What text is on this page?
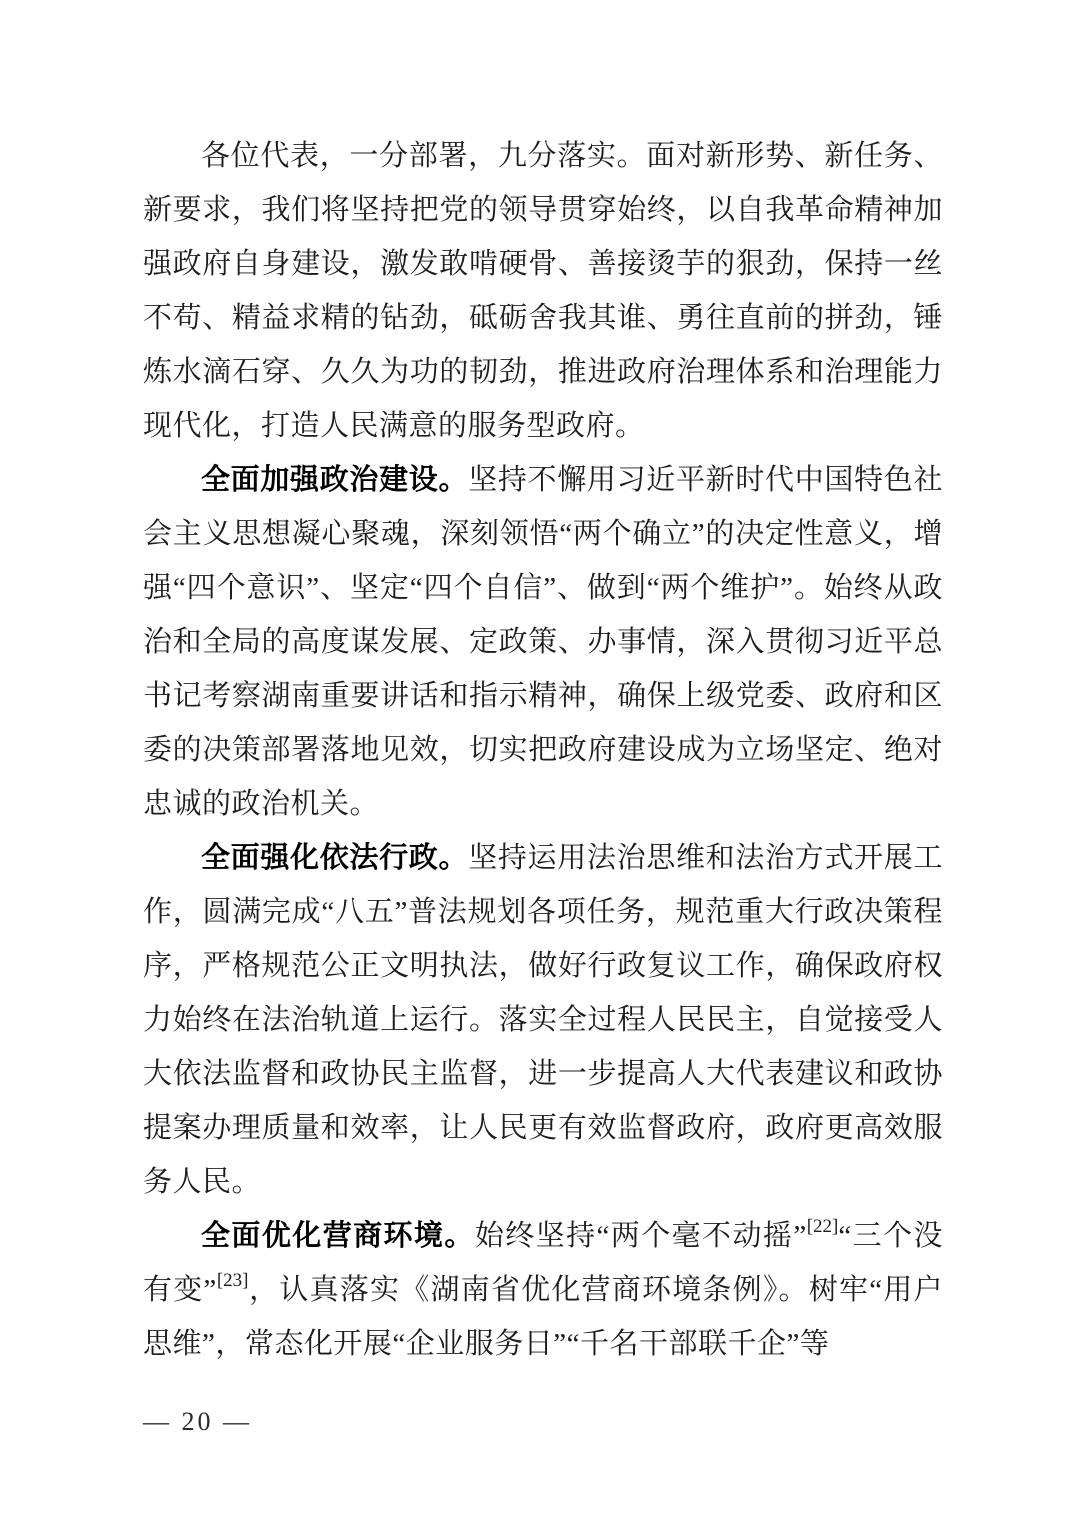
各位代表，一分部署，九分落实。面对新形势、新任务、新要求，我们将坚持把党的领导贯穿始终，以自我革命精神加强政府自身建设，激发敢啃硬骨、善接烫芋的狠劲，保持一丝不苟、精益求精的钻劲，砥砺舍我其谁、勇往直前的拼劲，锤炼水滴石穿、久久为功的韧劲，推进政府治理体系和治理能力现代化，打造人民满意的服务型政府。

全面加强政治建设。坚持不懈用习近平新时代中国特色社会主义思想凝心聚魂，深刻领悟“两个确立”的决定性意义，增强“四个意识”、坚定“四个自信”、做到“两个维护”。始终从政治和全局的高度谋发展、定政策、办事情，深入贯彻习近平总书记考察湖南重要讲话和指示精神，确保上级党委、政府和区委的决策部署落地见效，切实把政府建设成为立场坚定、绝对忠诚的政治机关。

全面强化依法行政。坚持运用法治思维和法治方式开展工作，圆满完成“八五”普法规划各项任务，规范重大行政决策程序，严格规范公正文明执法，做好行政复议工作，确保政府权力始终在法治轨道上运行。落实全过程人民民主，自觉接受人大依法监督和政协民主监督，进一步提高人大代表建议和政协提案办理质量和效率，让人民更有效监督政府，政府更高效服务人民。

全面优化营商环境。始终坚持“两个毫不动摇”[22]“三个没有变”[23]，认真落实《湖南省优化营商环境条例》。树牢“用户思维”，常态化开展“企业服务日”“千名干部联千企”等

— 20 —
